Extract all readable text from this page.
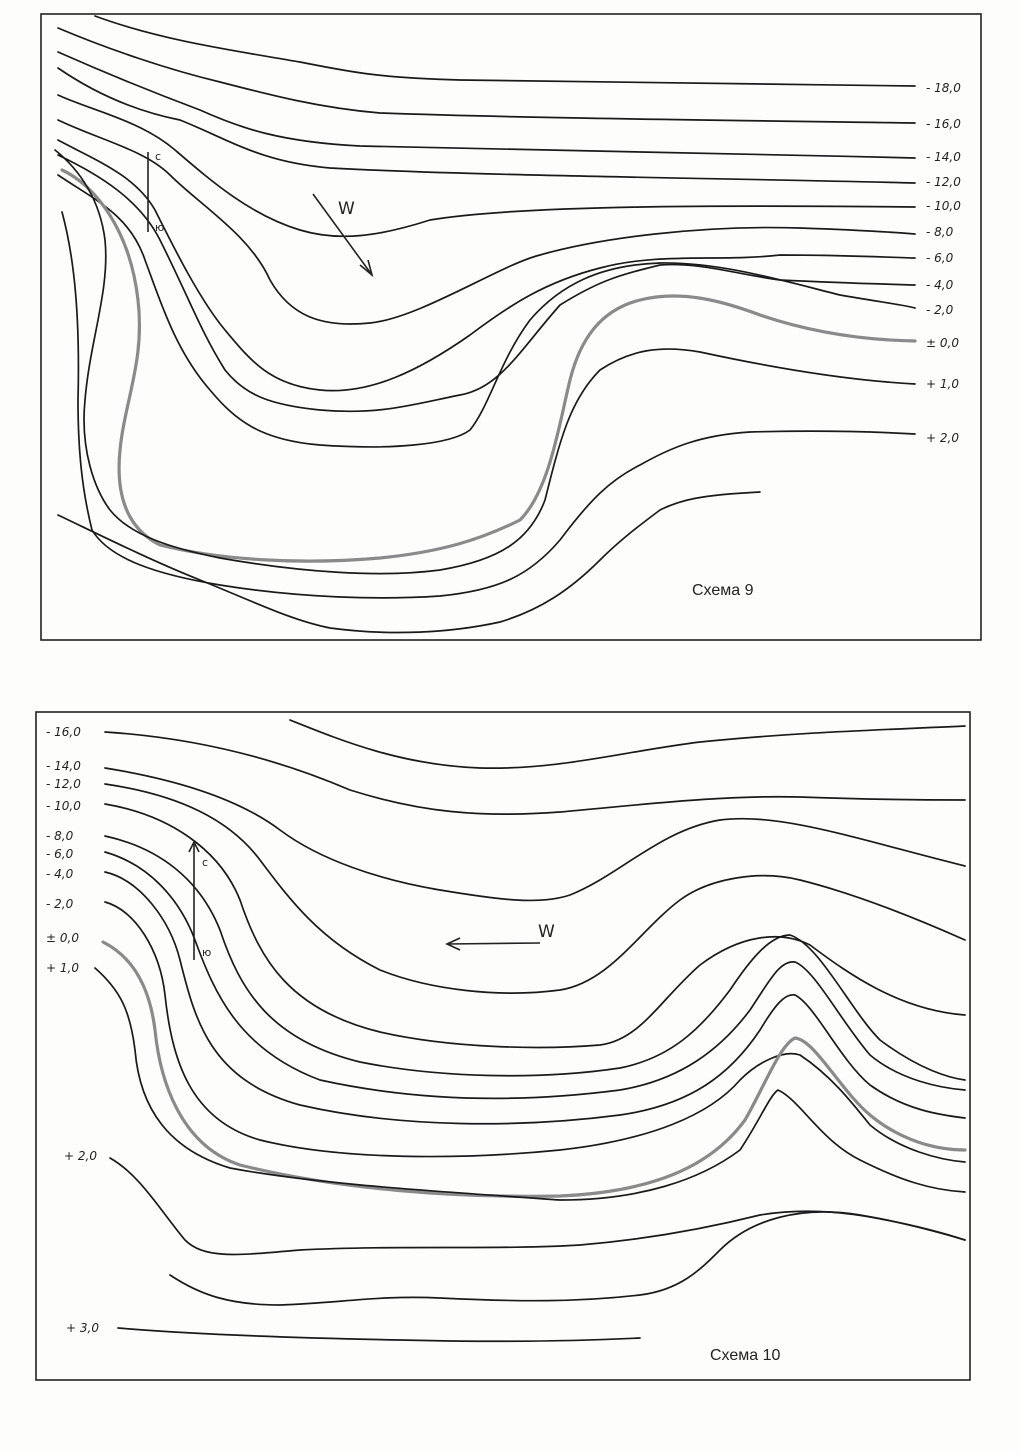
W
с
ю
- 18,0
- 16,0
- 14,0
- 12,0
- 10,0
- 8,0
- 6,0
- 4,0
- 2,0
± 0,0
+ 1,0
+ 2,0
Схема 9
W
с
ю
- 16,0
- 14,0
- 12,0
- 10,0
- 8,0
- 6,0
- 4,0
- 2,0
± 0,0
+ 1,0
+ 2,0
+ 3,0
Схема 10
